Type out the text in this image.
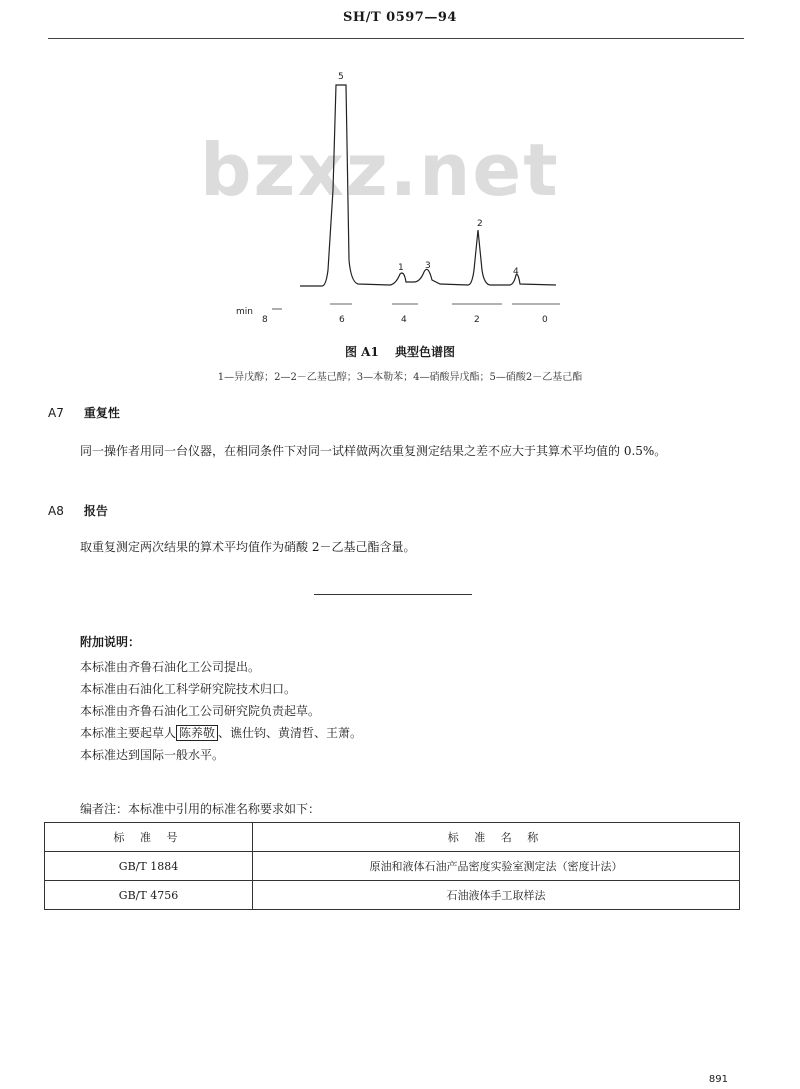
SH/T 0597—94
bzxz.net
5
1 3
2
4
min
8	6	4	2	0
图 A1 典型色谱图
1—异戊醇；2—2－乙基己醇；3—本勒苯；4—硝酸异戊酯；5—硝酸2－乙基己酯
A7 重复性
同一操作者用同一台仪器，在相同条件下对同一试样做两次重复测定结果之差不应大于其算术平均值的 0.5%。
A8 报告
取重复测定两次结果的算术平均值作为硝酸 2－乙基己酯含量。
附加说明：
本标准由齐鲁石油化工公司提出。
本标准由石油化工科学研究院技术归口。
本标准由齐鲁石油化工公司研究院负责起草。
本标准主要起草人 陈养敬 、谯仕钧、黄清哲、王萧。
本标准达到国际一般水平。
编者注：本标准中引用的标准名称要求如下：
标 准 号	标 准 名 称
GB/T 1884	原油和液体石油产品密度实验室测定法（密度计法）
GB/T 4756	石油液体手工取样法
891
